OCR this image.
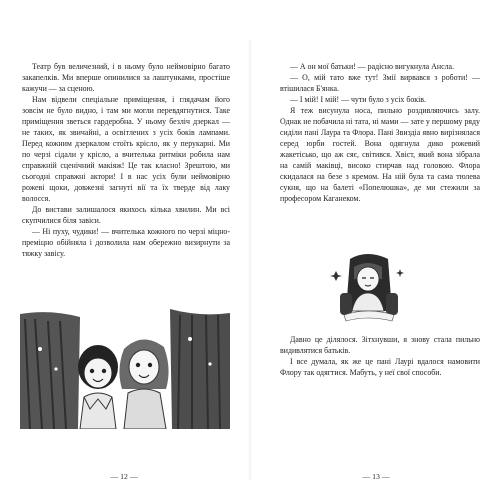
Театр був величезний, і в ньому було неймовірно багато закапелків. Ми вперше опинилися за лаштунками, простіше кажучи — за сценою.

Нам відвели спеціальне приміщення, і глядачам його зовсім не було видно, і там ми могли перевдягнутися. Таке приміщення зветься гардеробна. У ньому безліч дзеркал — не таких, як звичайні, а освітлених з усіх боків лампами. Перед кожним дзеркалом стоїть крісло, як у перукарні. Ми по черзі сідали у крісло, а вчителька ритміки робила нам справжній сценічний макіяж! Це так класно! Зрештою, ми сьогодні справжні актори! І в нас усіх були неймовірно рожеві щоки, довжезні загнуті вії та їх тверде від лаку волосся.

До вистави залишалося якихось кілька хвилин. Ми всі скупчилися біля завіси.

— Ні пуху, чудики! — вчителька кожного по черзі міцно-преміцно обійняла і дозволила нам обережно визирнути за тяжку завісу.

— 12 —

— А он мої батьки! — радісно вигукнула Ансла.

— О, мій тато вже тут! Змії вирвався з роботи! — втішилася Б'янка.

— І мій! І мій! — чути було з усіх боків.

Я теж висунула носа, пильно роздивляючись залу. Однак не побачила ні тата, ні мами — зате у першому ряду сиділи пані Лаура та Флора. Пані Звиздіа явно вирізнялася серед юрби гостей. Вона одягнула дико рожевий жакетісько, що аж сяє, світився. Хвіст, який вона зібрала на самій маківці, високо стирчав над головою. Флора скидалася на безе з кремом. На ній була та сама тюлева сукня, що на балеті «Попелюшка», де ми стежили за професором Каганеком.

Давно це ділялося. Зітхнувши, я знову стала пильно видивлятися батьків.

І все думала, як же це пані Лаурі вдалося намовити Флору так одягтися. Мабуть, у неї свої способи.

— 13 —
